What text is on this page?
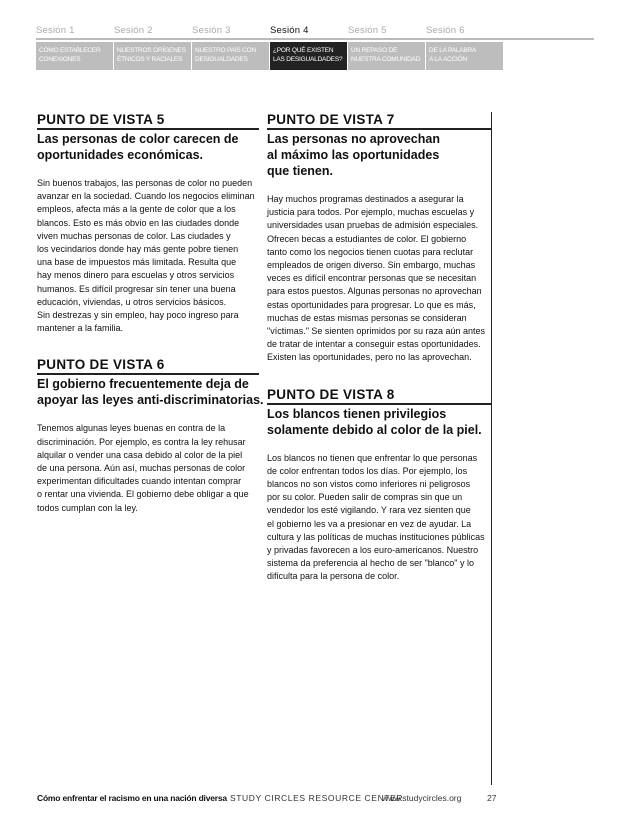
Sesión 1	Sesión 2	Sesión 3	Sesión 4	Sesión 5	Sesión 6
CÓMO ESTABLECER
CONEXIONES
NUESTROS ORÍGENES
ÉTNICOS Y RACIALES
NUESTRO PAÍS CON
DESIGUALDADES
¿POR QUÉ EXISTEN
LAS DESIGUALDADES?
UN REPASO DE
NUESTRA COMUNIDAD
DE LA PALABRA
A LA ACCIÓN
PUNTO DE VISTA 5
Las personas de color carecen de
oportunidades económicas.
Sin buenos trabajos, las personas de color no pueden
avanzar en la sociedad. Cuando los negocios eliminan
empleos, afecta más a la gente de color que a los
blancos. Esto es más obvio en las ciudades donde
viven muchas personas de color. Las ciudades y
los vecindarios donde hay más gente pobre tienen
una base de impuestos más limitada. Resulta que
hay menos dinero para escuelas y otros servicios
humanos. Es difícil progresar sin tener una buena
educación, viviendas, u otros servicios básicos.
Sin destrezas y sin empleo, hay poco ingreso para
mantener a la familia.
PUNTO DE VISTA 6
El gobierno frecuentemente deja de
apoyar las leyes anti-discriminatorias.
Tenemos algunas leyes buenas en contra de la
discriminación. Por ejemplo, es contra la ley rehusar
alquilar o vender una casa debido al color de la piel
de una persona. Aún así, muchas personas de color
experimentan dificultades cuando intentan comprar
o rentar una vivienda. El gobierno debe obligar a que
todos cumplan con la ley.
PUNTO DE VISTA 7
Las personas no aprovechan
al máximo las oportunidades
que tienen.
Hay muchos programas destinados a asegurar la
justicia para todos. Por ejemplo, muchas escuelas y
universidades usan pruebas de admisión especiales.
Ofrecen becas a estudiantes de color. El gobierno
tanto como los negocios tienen cuotas para reclutar
empleados de origen diverso. Sin embargo, muchas
veces es difícil encontrar personas que se necesitan
para estos puestos. Algunas personas no aprovechan
estas oportunidades para progresar. Lo que es más,
muchas de estas mismas personas se consideran
"víctimas." Se sienten oprimidos por su raza aún antes
de tratar de intentar a conseguir estas oportunidades.
Existen las oportunidades, pero no las aprovechan.
PUNTO DE VISTA 8
Los blancos tienen privilegios
solamente debido al color de la piel.
Los blancos no tienen que enfrentar lo que personas
de color enfrentan todos los días. Por ejemplo, los
blancos no son vistos como inferiores ni peligrosos
por su color. Pueden salir de compras sin que un
vendedor los esté vigilando. Y rara vez sienten que
el gobierno les va a presionar en vez de ayudar. La
cultura y las políticas de muchas instituciones públicas
y privadas favorecen a los euro-americanos. Nuestro
sistema da preferencia al hecho de ser "blanco" y lo
dificulta para la persona de color.
Cómo enfrentar el racismo en una nación diversa STUDY CIRCLES RESOURCE CENTER
www.studycircles.org	27
